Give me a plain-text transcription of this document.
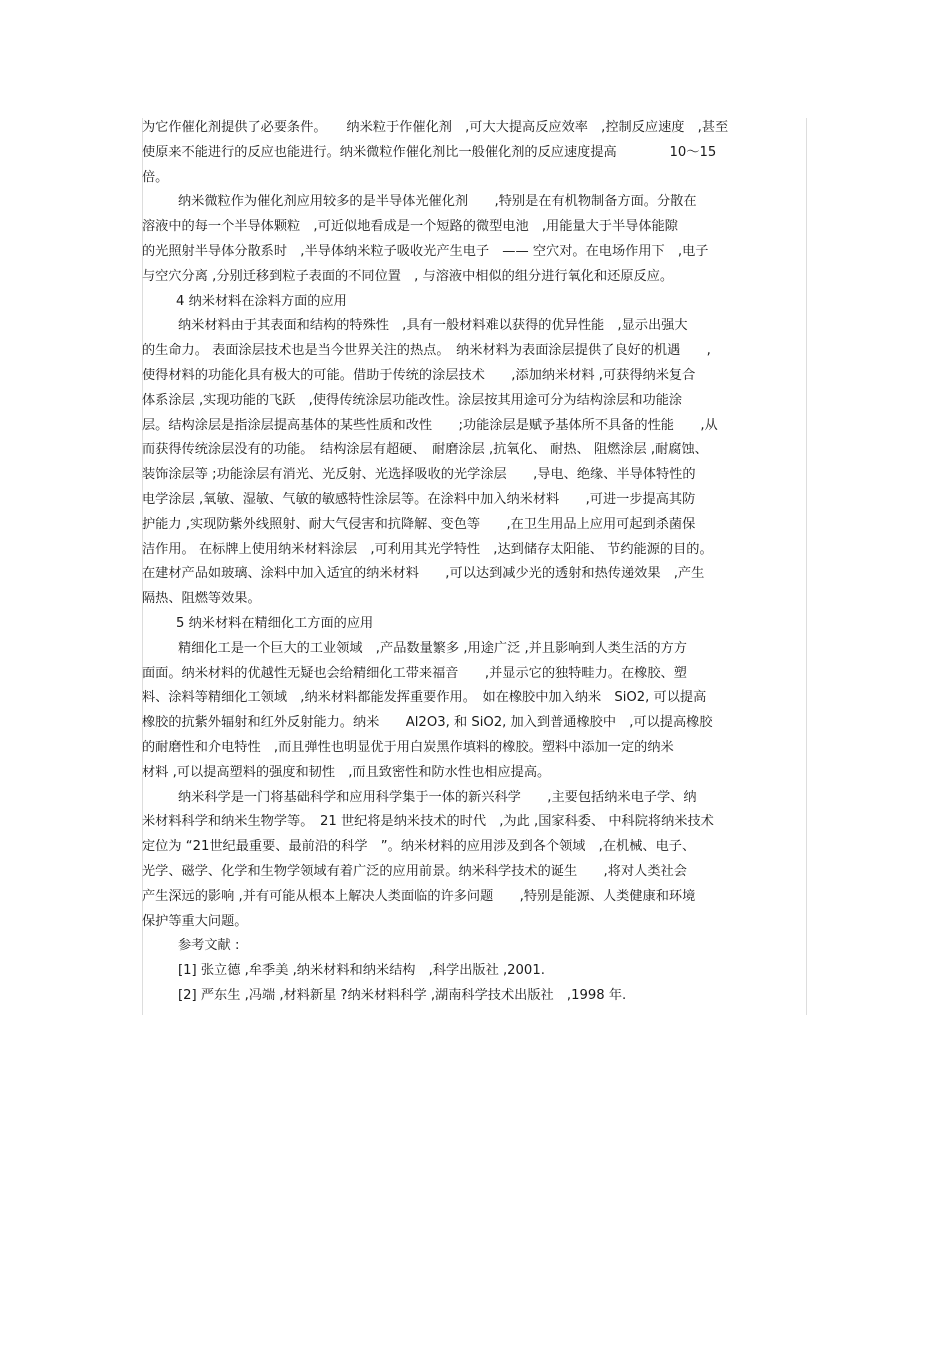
为它作催化剂提供了必要条件。　　纳米粒于作催化剂　,可大大提高反应效率　,控制反应速度　,甚至
使原来不能进行的反应也能进行。纳米微粒作催化剂比一般催化剂的反应速度提高　　　　10～15
倍。
纳米微粒作为催化剂应用较多的是半导体光催化剂　　,特别是在有机物制备方面。分散在
溶液中的每一个半导体颗粒　,可近似地看成是一个短路的微型电池　,用能量大于半导体能隙
的光照射半导体分散系时　,半导体纳米粒子吸收光产生电子　—— 空穴对。在电场作用下　,电子
与空穴分离 ,分别迁移到粒子表面的不同位置　, 与溶液中相似的组分进行氧化和还原反应。
4 纳米材料在涂料方面的应用
纳米材料由于其表面和结构的特殊性　,具有一般材料难以获得的优异性能　,显示出强大
的生命力。 表面涂层技术也是当今世界关注的热点。　纳米材料为表面涂层提供了良好的机遇　　,
使得材料的功能化具有极大的可能。借助于传统的涂层技术　　,添加纳米材料 ,可获得纳米复合
体系涂层 ,实现功能的飞跃　,使得传统涂层功能改性。涂层按其用途可分为结构涂层和功能涂
层。结构涂层是指涂层提高基体的某些性质和改性　　;功能涂层是赋予基体所不具备的性能　　,从
而获得传统涂层没有的功能。　结构涂层有超硬、　耐磨涂层 ,抗氧化、 耐热、 阻燃涂层 ,耐腐蚀、
装饰涂层等 ;功能涂层有消光、光反射、光选择吸收的光学涂层　　,导电、绝缘、半导体特性的
电学涂层 ,氧敏、湿敏、气敏的敏感特性涂层等。在涂料中加入纳米材料　　,可进一步提高其防
护能力 ,实现防紫外线照射、耐大气侵害和抗降解、变色等　　,在卫生用品上应用可起到杀菌保
洁作用。 在标牌上使用纳米材料涂层　,可利用其光学特性　,达到储存太阳能、 节约能源的目的。
在建材产品如玻璃、涂料中加入适宜的纳米材料　　,可以达到减少光的透射和热传递效果　,产生
隔热、阻燃等效果。
5 纳米材料在精细化工方面的应用
精细化工是一个巨大的工业领域　,产品数量繁多 ,用途广泛 ,并且影响到人类生活的方方
面面。纳米材料的优越性无疑也会给精细化工带来福音　　,并显示它的独特畦力。在橡胶、塑
料、涂料等精细化工领域　,纳米材料都能发挥重要作用。　如在橡胶中加入纳米　SiO2, 可以提高
橡胶的抗紫外辐射和红外反射能力。纳米　　Al2O3, 和 SiO2, 加入到普通橡胶中　,可以提高橡胶
的耐磨性和介电特性　,而且弹性也明显优于用白炭黑作填料的橡胶。塑料中添加一定的纳米
材料 ,可以提高塑料的强度和韧性　,而且致密性和防水性也相应提高。
纳米科学是一门将基础科学和应用科学集于一体的新兴科学　　,主要包括纳米电子学、纳
米材料科学和纳米生物学等。　21 世纪将是纳米技术的时代　,为此 ,国家科委、 中科院将纳米技术
定位为 “21世纪最重要、最前沿的科学　”。纳米材料的应用涉及到各个领域　,在机械、电子、
光学、磁学、化学和生物学领域有着广泛的应用前景。纳米科学技术的诞生　　,将对人类社会
产生深远的影响 ,并有可能从根本上解决人类面临的许多问题　　,特别是能源、人类健康和环境
保护等重大问题。
参考文献 :
[1] 张立德 ,牟季美 ,纳米材料和纳米结构　,科学出版社 ,2001.
[2] 严东生 ,冯端 ,材料新星 ?纳米材料科学 ,湖南科学技术出版社　,1998 年.
